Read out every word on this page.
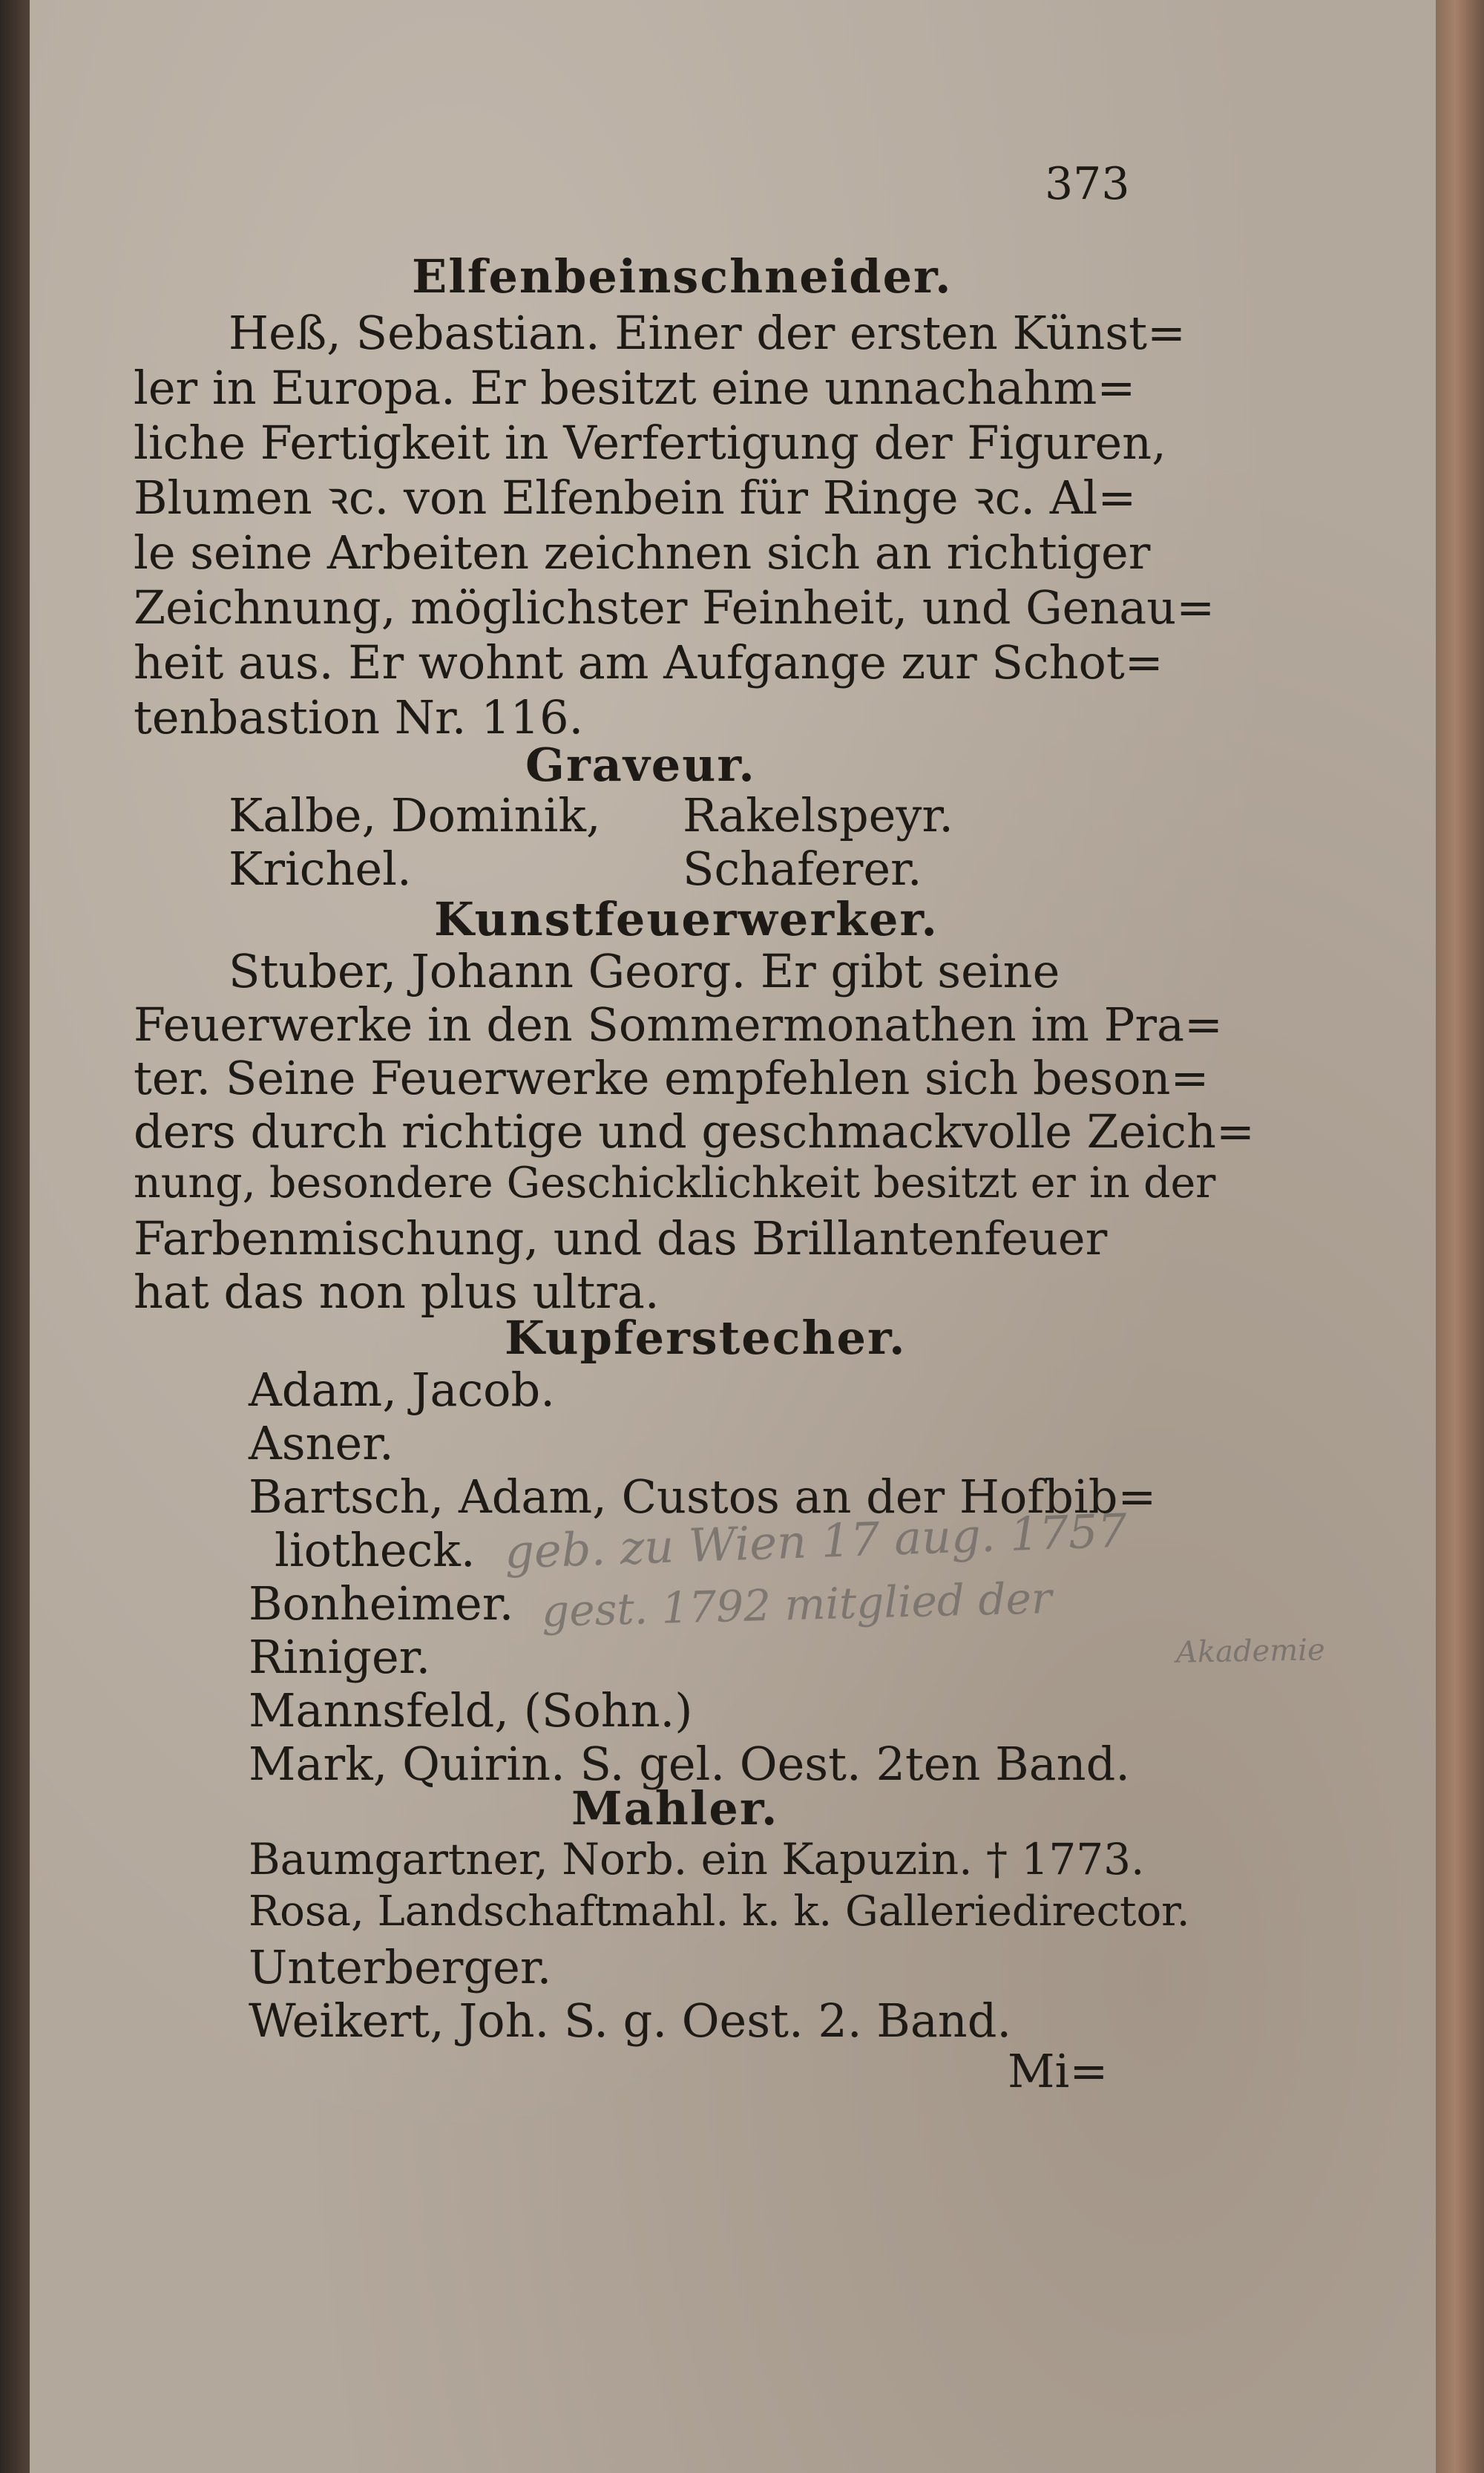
373

Elfenbeinschneider.

Heß, Sebastian. Einer der ersten Künst=

ler in Europa. Er besitzt eine unnachahm=

liche Fertigkeit in Verfertigung der Figuren,

Blumen ꝛc. von Elfenbein für Ringe ꝛc. Al=

le seine Arbeiten zeichnen sich an richtiger

Zeichnung, möglichster Feinheit, und Genau=

heit aus. Er wohnt am Aufgange zur Schot=

tenbastion Nr. 116.

Graveur.

Kalbe, Dominik, Rakelspeyr.

Krichel.	Schaferer.

Kunstfeuerwerker.

Stuber, Johann Georg. Er gibt seine

Feuerwerke in den Sommermonathen im Pra=

ter. Seine Feuerwerke empfehlen sich beson=

ders durch richtige und geschmackvolle Zeich=

nung, besondere Geschicklichkeit besitzt er in der

Farbenmischung, und das Brillantenfeuer

hat das non plus ultra.

Kupferstecher.

Adam, Jacob.

Asner.

Bartsch, Adam, Custos an der Hofbib=

liotheck.

Bonheimer.

Riniger.

Mannsfeld, (Sohn.)

Mark, Quirin. S. gel. Oest. 2ten Band.

Mahler.

Baumgartner, Norb. ein Kapuzin. † 1773.

Rosa, Landschaftmahl. k. k. Galleriedirector.

Unterberger.

Weikert, Joh. S. g. Oest. 2. Band.

Mi=

geb. zu Wien 17 aug. 1757
gest. 1792 mitglied der
Akademie
